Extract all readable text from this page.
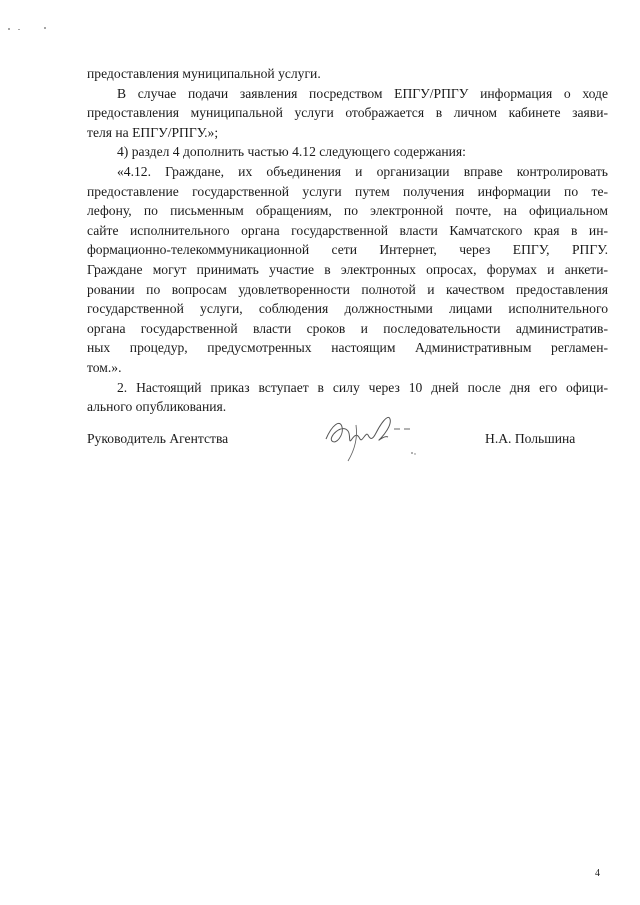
предоставления муниципальной услуги.
В случае подачи заявления посредством ЕПГУ/РПГУ информация о ходе
предоставления муниципальной услуги отображается в личном кабинете заяви-
теля на ЕПГУ/РПГУ.»;
4) раздел 4 дополнить частью 4.12 следующего содержания:
«4.12. Граждане, их объединения и организации вправе контролировать
предоставление государственной услуги путем получения информации по те-
лефону, по письменным обращениям, по электронной почте, на официальном
сайте исполнительного органа государственной власти Камчатского края в ин-
формационно-телекоммуникационной сети Интернет, через ЕПГУ, РПГУ.
Граждане могут принимать участие в электронных опросах, форумах и анкети-
ровании по вопросам удовлетворенности полнотой и качеством предоставления
государственной услуги, соблюдения должностными лицами исполнительного
органа государственной власти сроков и последовательности административ-
ных процедур, предусмотренных настоящим Административным регламен-
том.».
2. Настоящий приказ вступает в силу через 10 дней после дня его офици-
ального опубликования.
Руководитель Агентства	Н.А. Польшина
4
